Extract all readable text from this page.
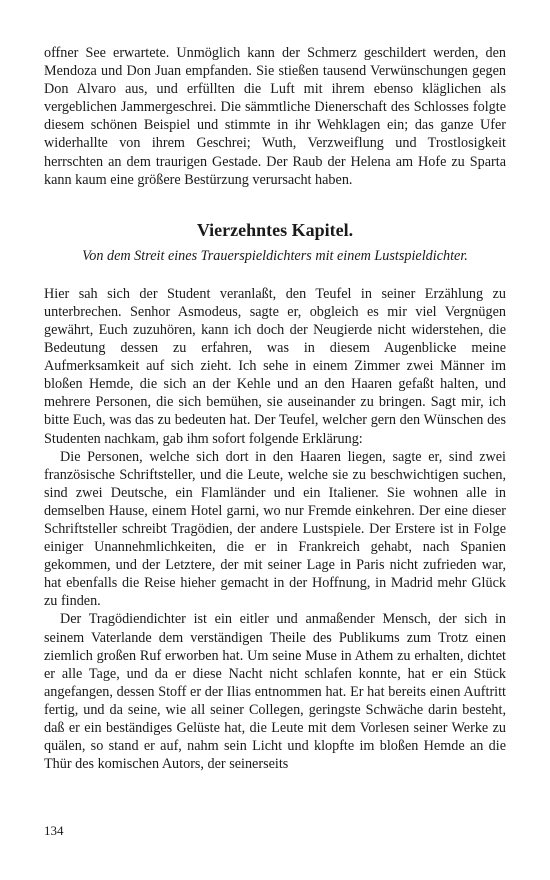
offner See erwartete. Unmöglich kann der Schmerz geschildert werden, den Mendoza und Don Juan empfanden. Sie stießen tausend Verwünschungen gegen Don Alvaro aus, und erfüllten die Luft mit ihrem ebenso kläglichen als vergeblichen Jammergeschrei. Die sämmtliche Dienerschaft des Schlosses folgte diesem schönen Beispiel und stimmte in ihr Wehklagen ein; das ganze Ufer widerhallte von ihrem Geschrei; Wuth, Verzweiflung und Trostlosigkeit herrschten an dem traurigen Gestade. Der Raub der Helena am Hofe zu Sparta kann kaum eine größere Bestürzung verursacht haben.

Vierzehntes Kapitel.
Von dem Streit eines Trauerspieldichters mit einem Lustspieldichter.

Hier sah sich der Student veranlaßt, den Teufel in seiner Erzählung zu unterbrechen. Senhor Asmodeus, sagte er, obgleich es mir viel Vergnügen gewährt, Euch zuzuhören, kann ich doch der Neugierde nicht widerstehen, die Bedeutung dessen zu erfahren, was in diesem Augenblicke meine Aufmerksamkeit auf sich zieht. Ich sehe in einem Zimmer zwei Männer im bloßen Hemde, die sich an der Kehle und an den Haaren gefaßt halten, und mehrere Personen, die sich bemühen, sie auseinander zu bringen. Sagt mir, ich bitte Euch, was das zu bedeuten hat. Der Teufel, welcher gern den Wünschen des Studenten nachkam, gab ihm sofort folgende Erklärung:

Die Personen, welche sich dort in den Haaren liegen, sagte er, sind zwei französische Schriftsteller, und die Leute, welche sie zu beschwichtigen suchen, sind zwei Deutsche, ein Flamländer und ein Italiener. Sie wohnen alle in demselben Hause, einem Hotel garni, wo nur Fremde einkehren. Der eine dieser Schriftsteller schreibt Tragödien, der andere Lustspiele. Der Erstere ist in Folge einiger Unannehmlichkeiten, die er in Frankreich gehabt, nach Spanien gekommen, und der Letztere, der mit seiner Lage in Paris nicht zufrieden war, hat ebenfalls die Reise hieher gemacht in der Hoffnung, in Madrid mehr Glück zu finden.

Der Tragödiendichter ist ein eitler und anmaßender Mensch, der sich in seinem Vaterlande dem verständigen Theile des Publikums zum Trotz einen ziemlich großen Ruf erworben hat. Um seine Muse in Athem zu erhalten, dichtet er alle Tage, und da er diese Nacht nicht schlafen konnte, hat er ein Stück angefangen, dessen Stoff er der Ilias entnommen hat. Er hat bereits einen Auftritt fertig, und da seine, wie all seiner Collegen, geringste Schwäche darin besteht, daß er ein beständiges Gelüste hat, die Leute mit dem Vorlesen seiner Werke zu quälen, so stand er auf, nahm sein Licht und klopfte im bloßen Hemde an die Thür des komischen Autors, der seinerseits

134
